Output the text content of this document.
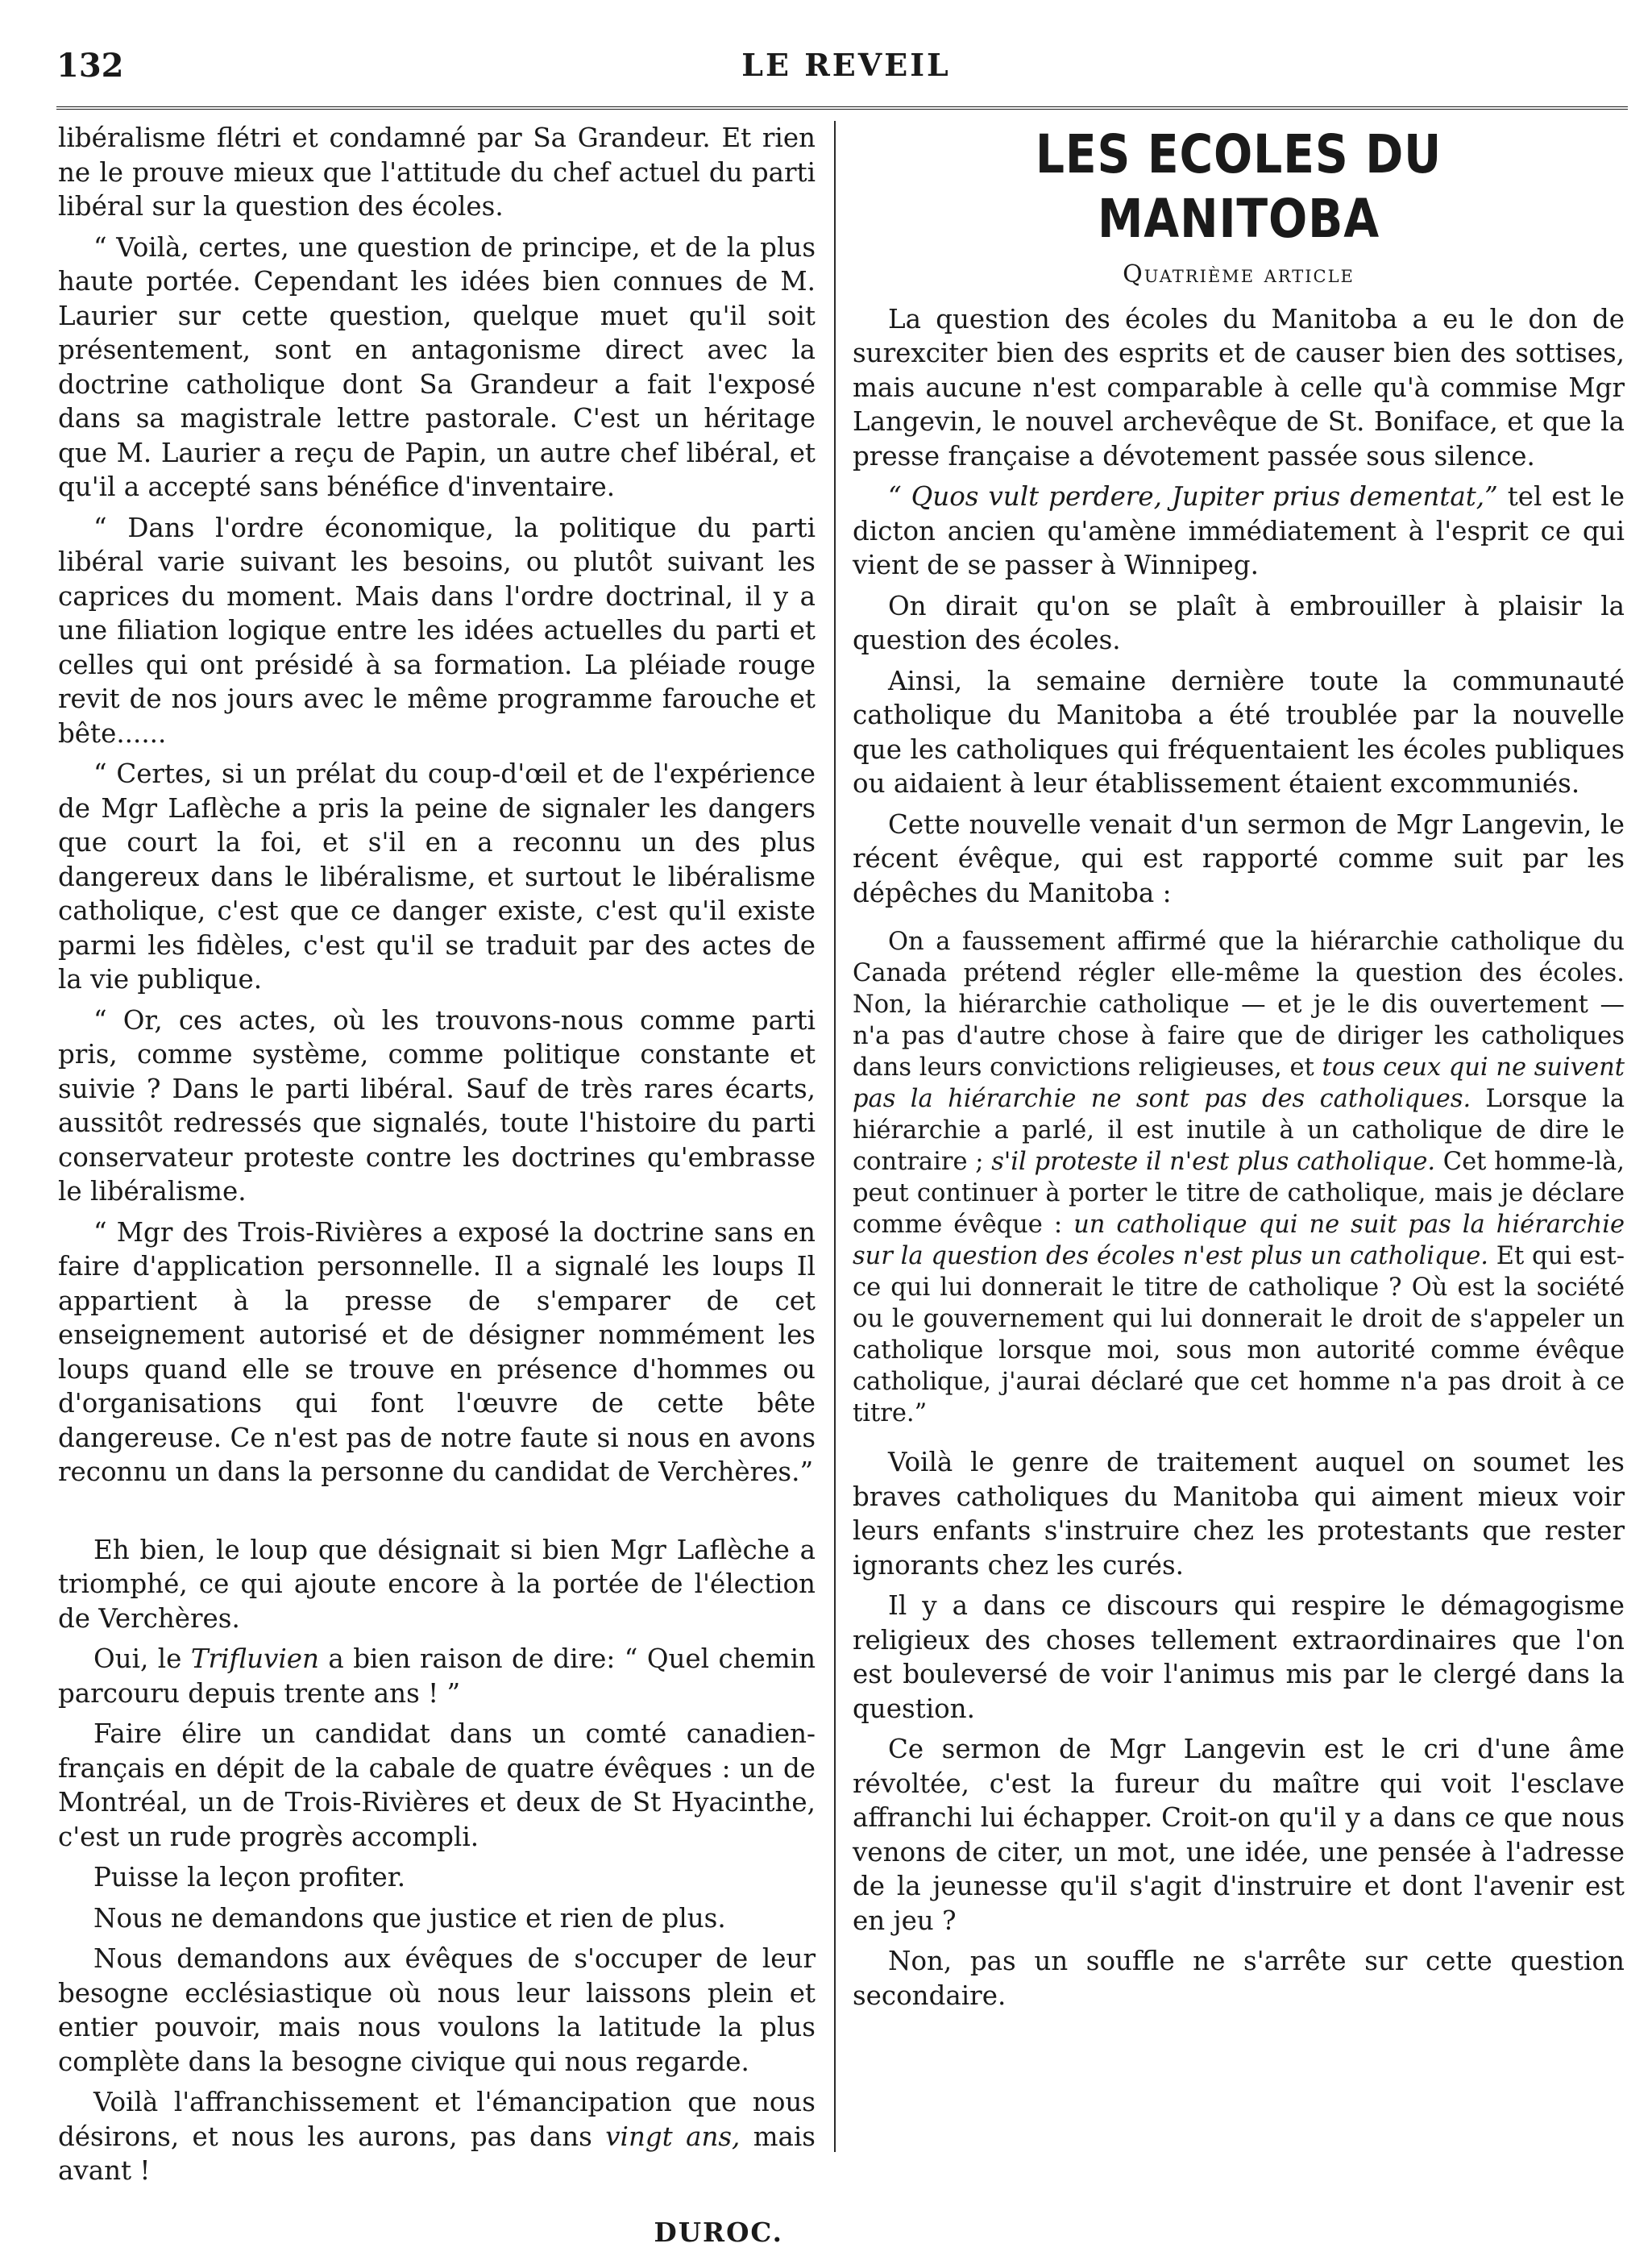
132	LE REVEIL

libéralisme flétri et condamné par Sa Grandeur. Et rien ne le prouve mieux que l'attitude du chef actuel du parti libéral sur la question des écoles.

“ Voilà, certes, une question de principe, et de la plus haute portée. Cependant les idées bien connues de M. Laurier sur cette question, quelque muet qu'il soit présentement, sont en antagonisme direct avec la doctrine catholique dont Sa Grandeur a fait l'exposé dans sa magistrale lettre pastorale. C'est un héritage que M. Laurier a reçu de Papin, un autre chef libéral, et qu'il a accepté sans bénéfice d'inventaire.

“ Dans l'ordre économique, la politique du parti libéral varie suivant les besoins, ou plutôt suivant les caprices du moment. Mais dans l'ordre doctrinal, il y a une filiation logique entre les idées actuelles du parti et celles qui ont présidé à sa formation. La pléiade rouge revit de nos jours avec le même programme farouche et bête......

“ Certes, si un prélat du coup-d'œil et de l'expérience de Mgr Laflèche a pris la peine de signaler les dangers que court la foi, et s'il en a reconnu un des plus dangereux dans le libéralisme, et surtout le libéralisme catholique, c'est que ce danger existe, c'est qu'il existe parmi les fidèles, c'est qu'il se traduit par des actes de la vie publique.

“ Or, ces actes, où les trouvons-nous comme parti pris, comme système, comme politique constante et suivie ? Dans le parti libéral. Sauf de très rares écarts, aussitôt redressés que signalés, toute l'histoire du parti conservateur proteste contre les doctrines qu'embrasse le libéralisme.

“ Mgr des Trois-Rivières a exposé la doctrine sans en faire d'application personnelle. Il a signalé les loups Il appartient à la presse de s'emparer de cet enseignement autorisé et de désigner nommément les loups quand elle se trouve en présence d'hommes ou d'organisations qui font l'œuvre de cette bête dangereuse. Ce n'est pas de notre faute si nous en avons reconnu un dans la personne du candidat de Verchères.”

Eh bien, le loup que désignait si bien Mgr Laflèche a triomphé, ce qui ajoute encore à la portée de l'élection de Verchères.

Oui, le Trifluvien a bien raison de dire: “ Quel chemin parcouru depuis trente ans ! ”

Faire élire un candidat dans un comté canadien-français en dépit de la cabale de quatre évêques : un de Montréal, un de Trois-Rivières et deux de St Hyacinthe, c'est un rude progrès accompli.

Puisse la leçon profiter.

Nous ne demandons que justice et rien de plus.

Nous demandons aux évêques de s'occuper de leur besogne ecclésiastique où nous leur laissons plein et entier pouvoir, mais nous voulons la latitude la plus complète dans la besogne civique qui nous regarde.

Voilà l'affranchissement et l'émancipation que nous désirons, et nous les aurons, pas dans vingt ans, mais avant !

DUROC.

LES ECOLES DU MANITOBA

Quatrième article

La question des écoles du Manitoba a eu le don de surexciter bien des esprits et de causer bien des sottises, mais aucune n'est comparable à celle qu'à commise Mgr Langevin, le nouvel archevêque de St. Boniface, et que la presse française a dévotement passée sous silence.

“ Quos vult perdere, Jupiter prius dementat,” tel est le dicton ancien qu'amène immédiatement à l'esprit ce qui vient de se passer à Winnipeg.

On dirait qu'on se plaît à embrouiller à plaisir la question des écoles.

Ainsi, la semaine dernière toute la communauté catholique du Manitoba a été troublée par la nouvelle que les catholiques qui fréquentaient les écoles publiques ou aidaient à leur établissement étaient excommuniés.

Cette nouvelle venait d'un sermon de Mgr Langevin, le récent évêque, qui est rapporté comme suit par les dépêches du Manitoba :

On a faussement affirmé que la hiérarchie catholique du Canada prétend régler elle-même la question des écoles. Non, la hiérarchie catholique — et je le dis ouvertement — n'a pas d'autre chose à faire que de diriger les catholiques dans leurs convictions religieuses, et tous ceux qui ne suivent pas la hiérarchie ne sont pas des catholiques. Lorsque la hiérarchie a parlé, il est inutile à un catholique de dire le contraire ; s'il proteste il n'est plus catholique. Cet homme-là, peut continuer à porter le titre de catholique, mais je déclare comme évêque : un catholique qui ne suit pas la hiérarchie sur la question des écoles n'est plus un catholique. Et qui est-ce qui lui donnerait le titre de catholique ? Où est la société ou le gouvernement qui lui donnerait le droit de s'appeler un catholique lorsque moi, sous mon autorité comme évêque catholique, j'aurai déclaré que cet homme n'a pas droit à ce titre.”

Voilà le genre de traitement auquel on soumet les braves catholiques du Manitoba qui aiment mieux voir leurs enfants s'instruire chez les protestants que rester ignorants chez les curés.

Il y a dans ce discours qui respire le démagogisme religieux des choses tellement extraordinaires que l'on est bouleversé de voir l'animus mis par le clergé dans la question.

Ce sermon de Mgr Langevin est le cri d'une âme révoltée, c'est la fureur du maître qui voit l'esclave affranchi lui échapper. Croit-on qu'il y a dans ce que nous venons de citer, un mot, une idée, une pensée à l'adresse de la jeunesse qu'il s'agit d'instruire et dont l'avenir est en jeu ?

Non, pas un souffle ne s'arrête sur cette question secondaire.
